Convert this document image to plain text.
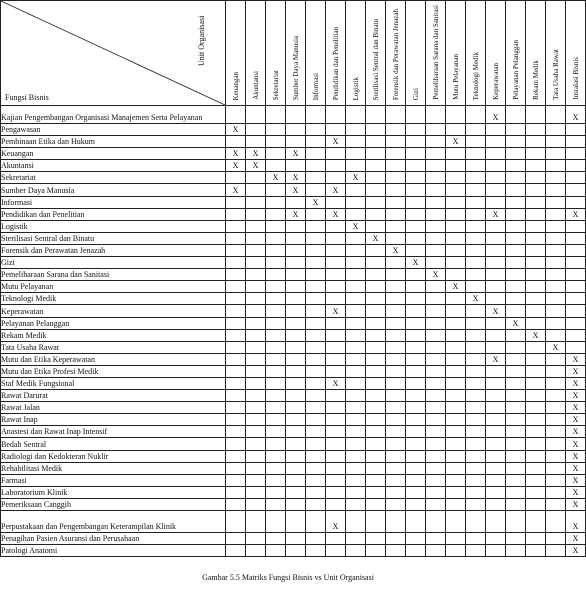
Unit Organisasi
Fungsi Bisnis	Keuangan	Akuntansi	Sekretariat	Sumber Daya Manusia	Informasi	Pendidikan dan Penelitian	Logistik	Sterilisasi Sentral dan Binatu	Forensik dan Perawatan Jenazah	Gizi	Pemeliharaan Sarana dan Sanitasi	Mutu Pelayanan	Teknologi Medik	Keperawatan	Pelayanan Pelanggan	Rekam Medik	Tata Usaha Rawat	Instalasi Bisnis
Kajian Pengembangan Organisasi Manajemen Serta Pelayanan														X				X
Pengawasan	X																	
Pembinaan Etika dan Hukum						X						X						
Keuangan	X	X		X														
Akuntansi	X	X																
Sekretariat			X	X			X											
Sumber Daya Manusia	X			X		X												
Informasi					X													
Pendidikan dan Penelitian				X		X								X				X
Logistik							X											
Sterilisasi Sentral dan Binatu								X										
Forensik dan Perawatan Jenazah									X									
Gizi										X								
Pemeliharaan Sarana dan Sanitasi											X							
Mutu Pelayanan												X						
Teknologi Medik													X					
Keperawatan						X								X				
Pelayanan Pelanggan															X			
Rekam Medik																X		
Tata Usaha Rawat																	X	
Mutu dan Etika Keperawatan														X				X
Mutu dan Etika Profesi Medik																		X
Staf Medik Fungsional						X												X
Rawat Darurat																		X
Rawat Jalan																		X
Rawat Inap																		X
Anastesi dan Rawat Inap Intensif																		X
Bedah Sentral																		X
Radiologi dan Kedokteran Nuklir																		X
Rehabilitasi Medik																		X
Farmasi																		X
Laboratorium Klinik																		X
Pemeriksaan Canggih																		X
Perpustakaan dan Pengembangan Keterampilan Klinik						X												X
Penagihan Pasien Asuransi dan Perusahaan																		X
Patologi Anatomi																		X
Gambar 5.5 Matriks Fungsi Bisnis vs Unit Organisasi
